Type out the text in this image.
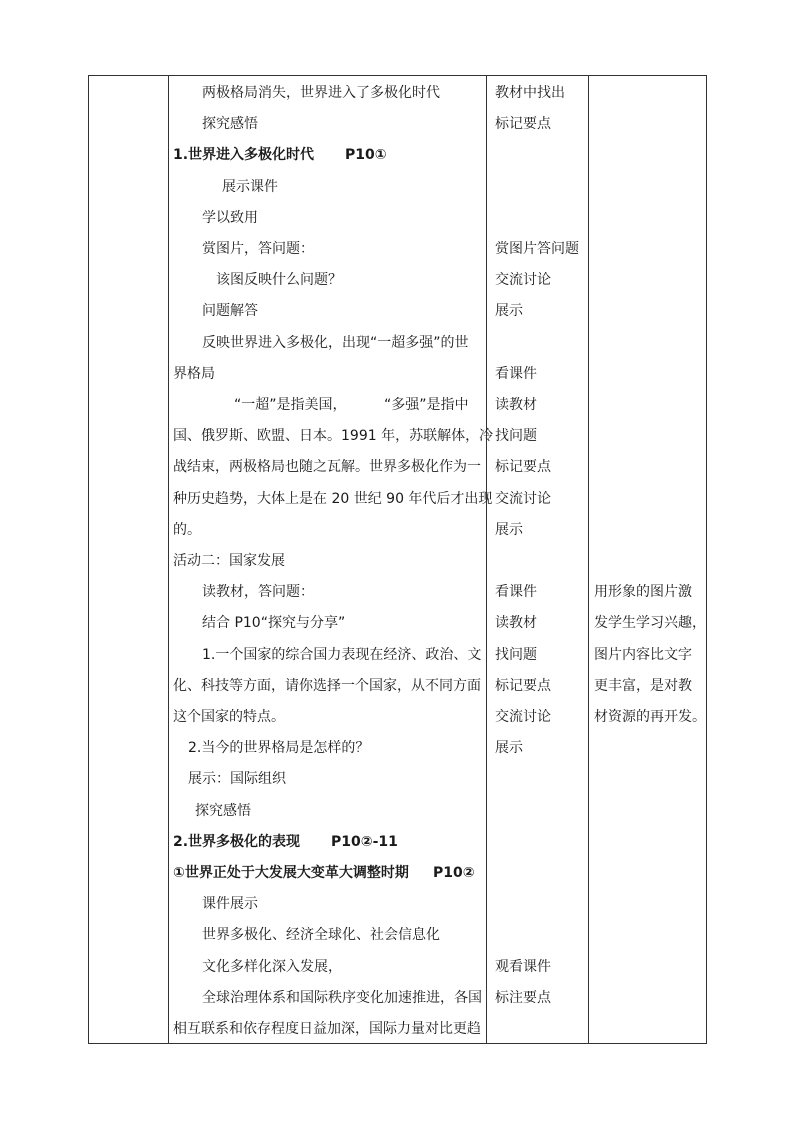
两极格局消失，世界进入了多极化时代
探究感悟
1.世界进入多极化时代 P10①
展示课件
学以致用
赏图片，答问题：
该图反映什么问题？
问题解答
反映世界进入多极化，出现“一超多强”的世
界格局
“一超”是指美国，	“多强”是指中
国、俄罗斯、欧盟、日本。1991 年，苏联解体，冷
战结束，两极格局也随之瓦解。世界多极化作为一
种历史趋势，大体上是在 20 世纪 90 年代后才出现
的。
活动二：国家发展
读教材，答问题：
结合 P10“探究与分享”
1.一个国家的综合国力表现在经济、政治、文
化、科技等方面，请你选择一个国家，从不同方面
这个国家的特点。
2.当今的世界格局是怎样的？
展示：国际组织
探究感悟
2.世界多极化的表现 P10②-11
①世界正处于大发展大变革大调整时期 P10②
课件展示
世界多极化、经济全球化、社会信息化
文化多样化深入发展，
全球治理体系和国际秩序变化加速推进，各国
相互联系和依存程度日益加深，国际力量对比更趋
教材中找出
标记要点
赏图片答问题
交流讨论
展示
看课件
读教材
找问题
标记要点
交流讨论
展示
看课件
读教材
找问题
标记要点
交流讨论
展示
观看课件
标注要点
用形象的图片激
发学生学习兴趣，
图片内容比文字
更丰富，是对教
材资源的再开发。
